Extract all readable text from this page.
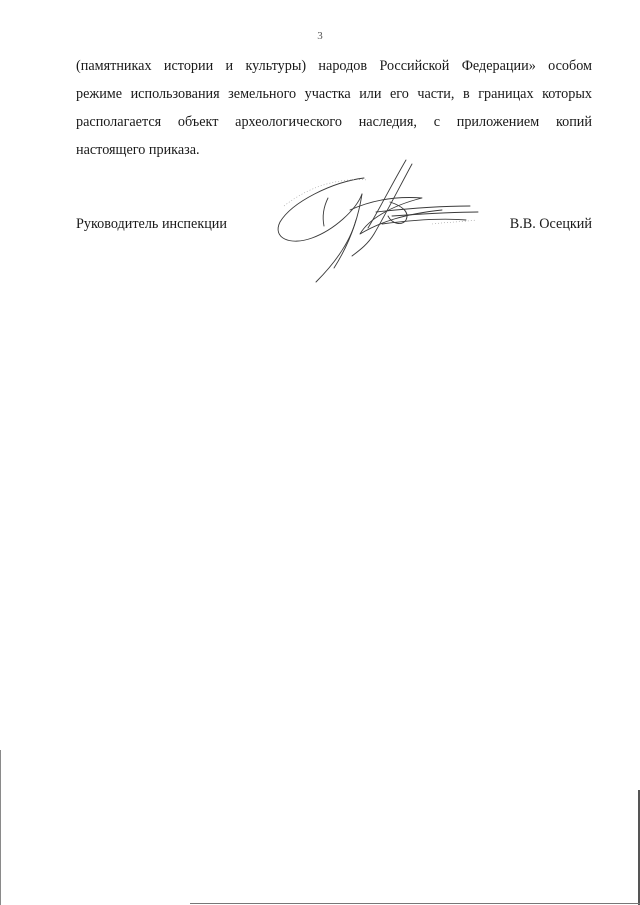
3
(памятниках истории и культуры) народов Российской Федерации» особом
режиме использования земельного участка или его части, в границах которых
располагается объект археологического наследия, с приложением копий
настоящего приказа.
Руководитель инспекции	В.В. Осецкий
